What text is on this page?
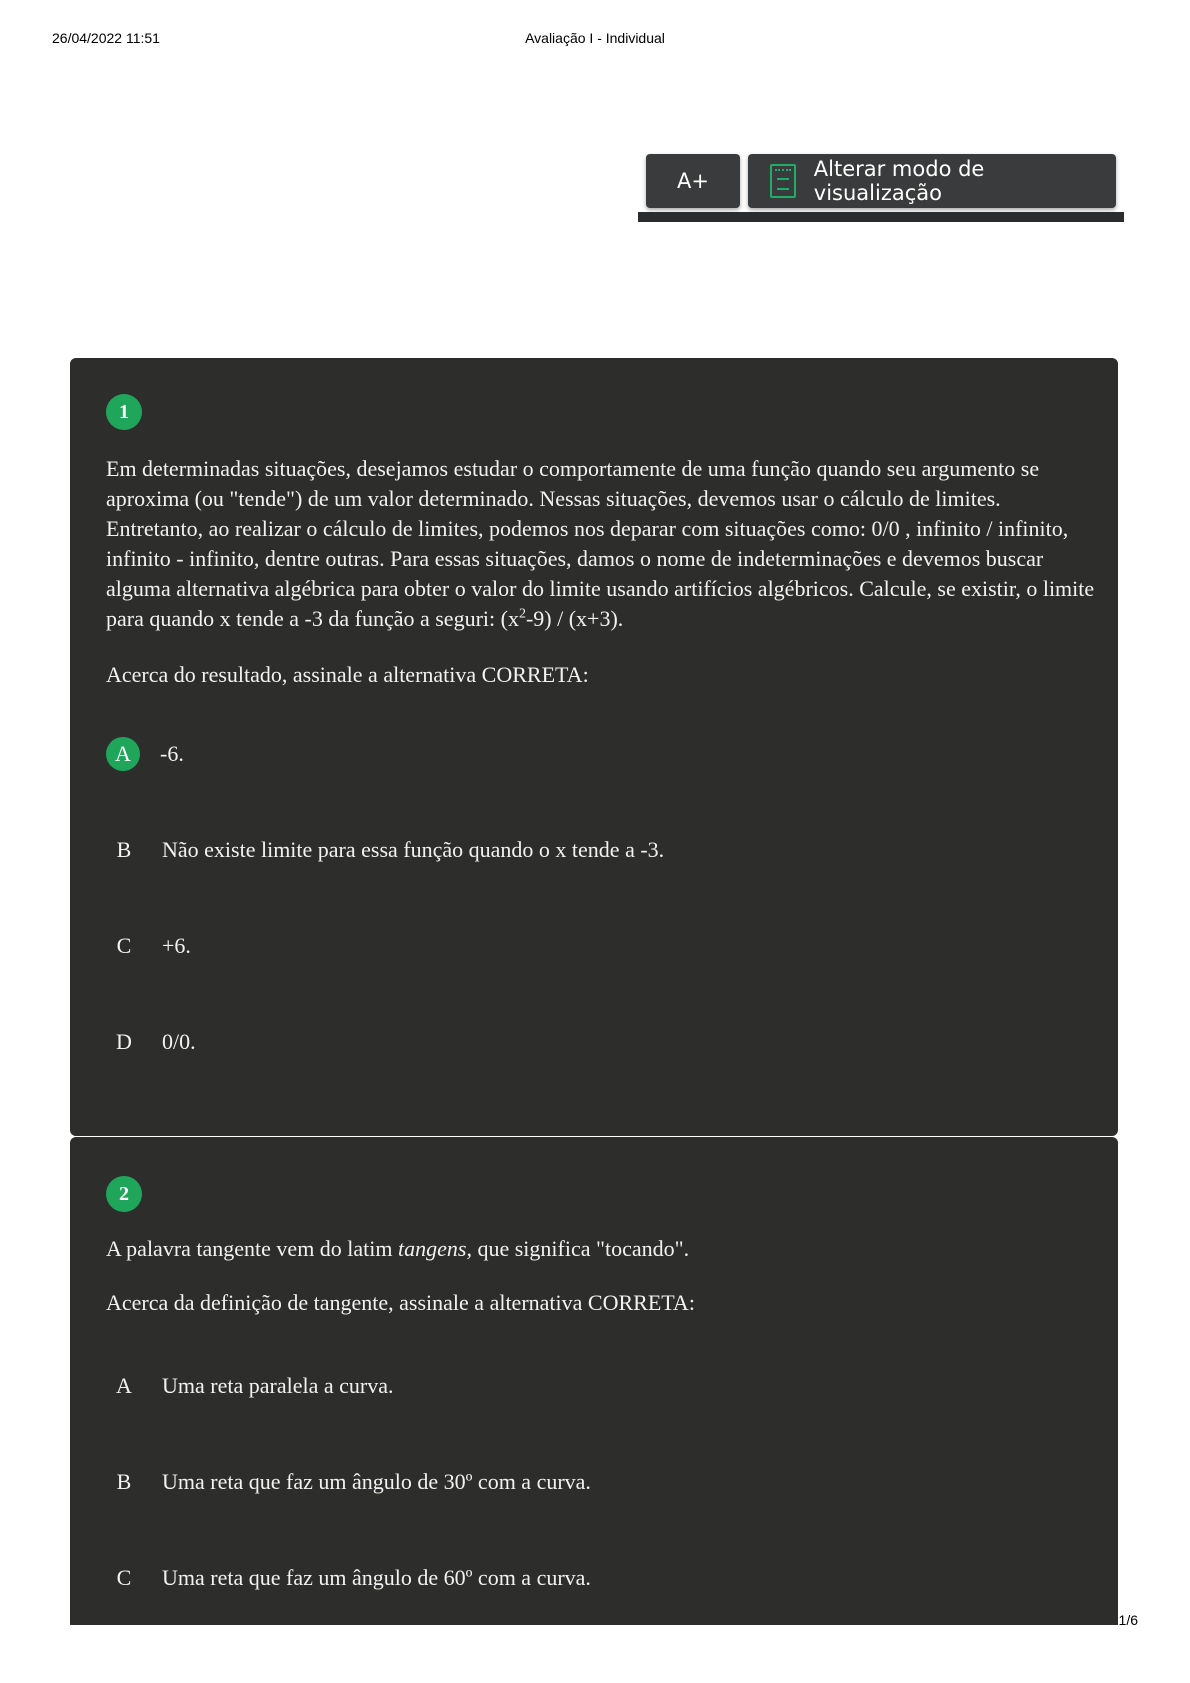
26/04/2022 11:51	Avaliação I - Individual
A+	Alterar modo de visualização
1

Em determinadas situações, desejamos estudar o comportamente de uma função quando seu argumento se aproxima (ou "tende") de um valor determinado. Nessas situações, devemos usar o cálculo de limites. Entretanto, ao realizar o cálculo de limites, podemos nos deparar com situações como: 0/0 , infinito / infinito, infinito - infinito, dentre outras. Para essas situações, damos o nome de indeterminações e devemos buscar alguma alternativa algébrica para obter o valor do limite usando artifícios algébricos. Calcule, se existir, o limite para quando x tende a -3 da função a seguri: $(x^2-9) / (x+3)$.

Acerca do resultado, assinale a alternativa CORRETA:

A	-6.
B	Não existe limite para essa função quando o x tende a -3.
C	+6.
D	0/0.
2

A palavra tangente vem do latim tangens, que significa "tocando".

Acerca da definição de tangente, assinale a alternativa CORRETA:

A	Uma reta paralela a curva.
B	Uma reta que faz um ângulo de 30º com a curva.
C	Uma reta que faz um ângulo de 60º com a curva.
1/6
